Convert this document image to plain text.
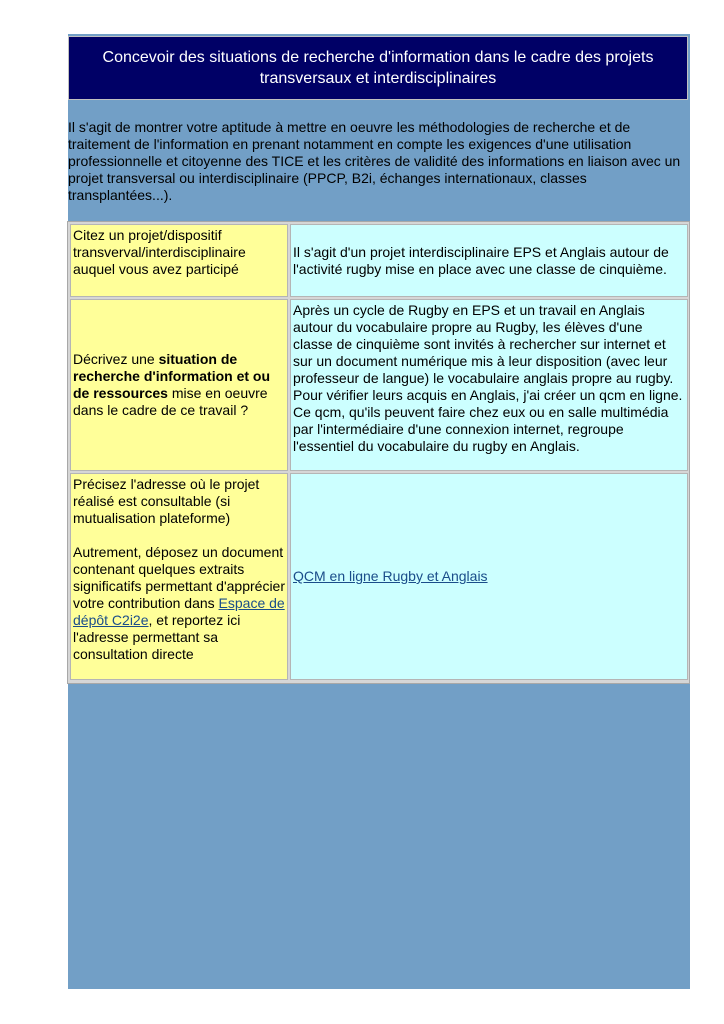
Concevoir des situations de recherche d'information dans le cadre des projets transversaux et interdisciplinaires
Il s'agit de montrer votre aptitude à mettre en oeuvre les méthodologies de recherche et de traitement de l'information en prenant notamment en compte les exigences d'une utilisation professionnelle et citoyenne des TICE et les critères de validité des informations en liaison avec un projet transversal ou interdisciplinaire (PPCP, B2i, échanges internationaux, classes transplantées...).
Citez un projet/dispositif transverval/interdisciplinaire auquel vous avez participé
Il s'agit d'un projet interdisciplinaire EPS et Anglais autour de l'activité rugby mise en place avec une classe de cinquième.
Décrivez une situation de recherche d'information et ou de ressources mise en oeuvre dans le cadre de ce travail ?
Après un cycle de Rugby en EPS et un travail en Anglais autour du vocabulaire propre au Rugby, les élèves d'une classe de cinquième sont invités à rechercher sur internet et sur un document numérique mis à leur disposition (avec leur professeur de langue) le vocabulaire anglais propre au rugby. Pour vérifier leurs acquis en Anglais, j'ai créer un qcm en ligne. Ce qcm, qu'ils peuvent faire chez eux ou en salle multimédia par l'intermédiaire d'une connexion internet, regroupe l'essentiel du vocabulaire du rugby en Anglais.
Précisez l'adresse où le projet réalisé est consultable (si mutualisation plateforme)
Autrement, déposez un document contenant quelques extraits significatifs permettant d'apprécier votre contribution dans Espace de dépôt C2i2e, et reportez ici l'adresse permettant sa consultation directe
QCM en ligne Rugby et Anglais
